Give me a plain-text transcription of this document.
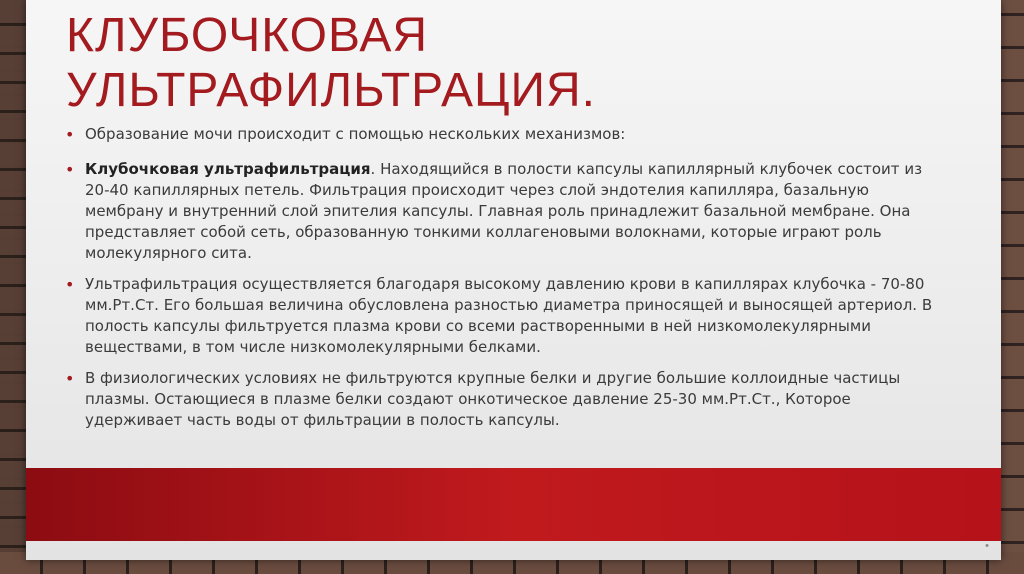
КЛУБОЧКОВАЯ
УЛЬТРАФИЛЬТРАЦИЯ.
• Образование мочи происходит с помощью нескольких механизмов:
• Клубочковая ультрафильтрация. Находящийся в полости капсулы капиллярный клубочек состоит из 20-40 капиллярных петель. Фильтрация происходит через слой эндотелия капилляра, базальную мембрану и внутренний слой эпителия капсулы. Главная роль принадлежит базальной мембране. Она представляет собой сеть, образованную тонкими коллагеновыми волокнами, которые играют роль молекулярного сита.
• Ультрафильтрация осуществляется благодаря высокому давлению крови в капиллярах клубочка - 70-80 мм.Рт.Ст. Его большая величина обусловлена разностью диаметра приносящей и выносящей артериол. В полость капсулы фильтруется плазма крови со всеми растворенными в ней низкомолекулярными веществами, в том числе низкомолекулярными белками.
• В физиологических условиях не фильтруются крупные белки и другие большие коллоидные частицы плазмы. Остающиеся в плазме белки создают онкотическое давление 25-30 мм.Рт.Ст., Которое удерживает часть воды от фильтрации в полость капсулы.
•
